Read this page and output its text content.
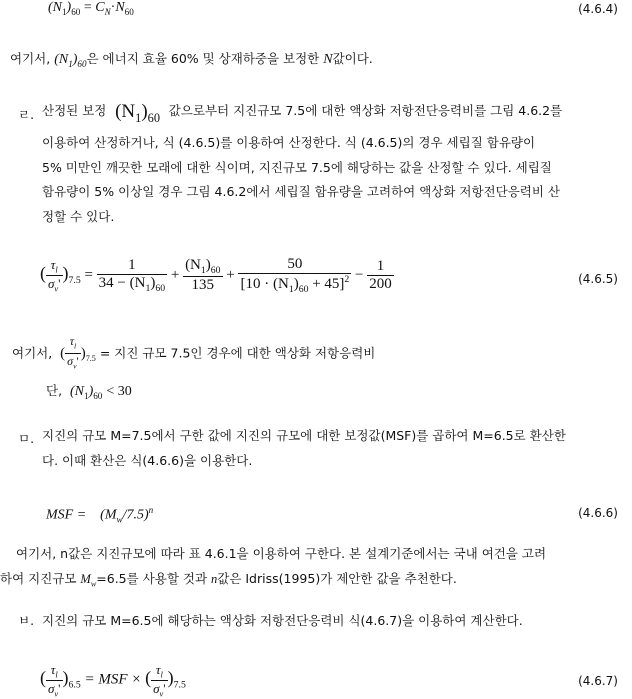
$(N_1)_{60} = C_N\cdot N_{60}$	(4.6.4)
여기서, $(N_1)_{60}$은 에너지 효율 60% 및 상재하중을 보정한 N값이다.
ㄹ. 산정된 보정  $(N_1)_{60}$ 값으로부터 지진규모 7.5에 대한 액상화 저항전단응력비를 그림 4.6.2를
이용하여 산정하거나, 식 (4.6.5)를 이용하여 산정한다. 식 (4.6.5)의 경우 세립질 함유량이
5% 미만인 깨끗한 모래에 대한 식이며, 지진규모 7.5에 해당하는 값을 산정할 수 있다. 세립질
함유량이 5% 이상일 경우 그림 4.6.2에서 세립질 함유량을 고려하여 액상화 저항전단응력비 산
정할 수 있다.
( $\frac{\tau_l}{\sigma_v'} )_{7.5} = \frac{1}{34 - (N_1)_{60}} + \frac{(N_1)_{60}}{135} + \frac{50}{[10 \cdot (N_1)_{60} + 45]^2} - \frac{1}{200}$	(4.6.5)
여기서, ( $\frac{\tau_l}{\sigma_v'} )_{7.5}$ = 지진 규모 7.5인 경우에 대한 액상화 저항응력비
단, $(N_1)_{60} < 30$
ㅁ. 지진의 규모 M=7.5에서 구한 값에 지진의 규모에 대한 보정값(MSF)를 곱하여 M=6.5로 환산한
다. 이때 환산은 식(4.6.6)을 이용한다.
MSF = $(M_w/7.5)^n$	(4.6.6)
여기서, n값은 지진규모에 따라 표 4.6.1을 이용하여 구한다. 본 설계기준에서는 국내 여건을 고려
하여 지진규모 $M_w=6.5$를 사용할 것과 n값은 Idriss(1995)가 제안한 값을 추천한다.
ㅂ. 지진의 규모 M=6.5에 해당하는 액상화 저항전단응력비 식(4.6.7)을 이용하여 계산한다.
( $\frac{\tau_l}{\sigma_v'} )_{6.5}$ = MSF × ( $\frac{\tau_l}{\sigma_v'} )_{7.5}$	(4.6.7)
